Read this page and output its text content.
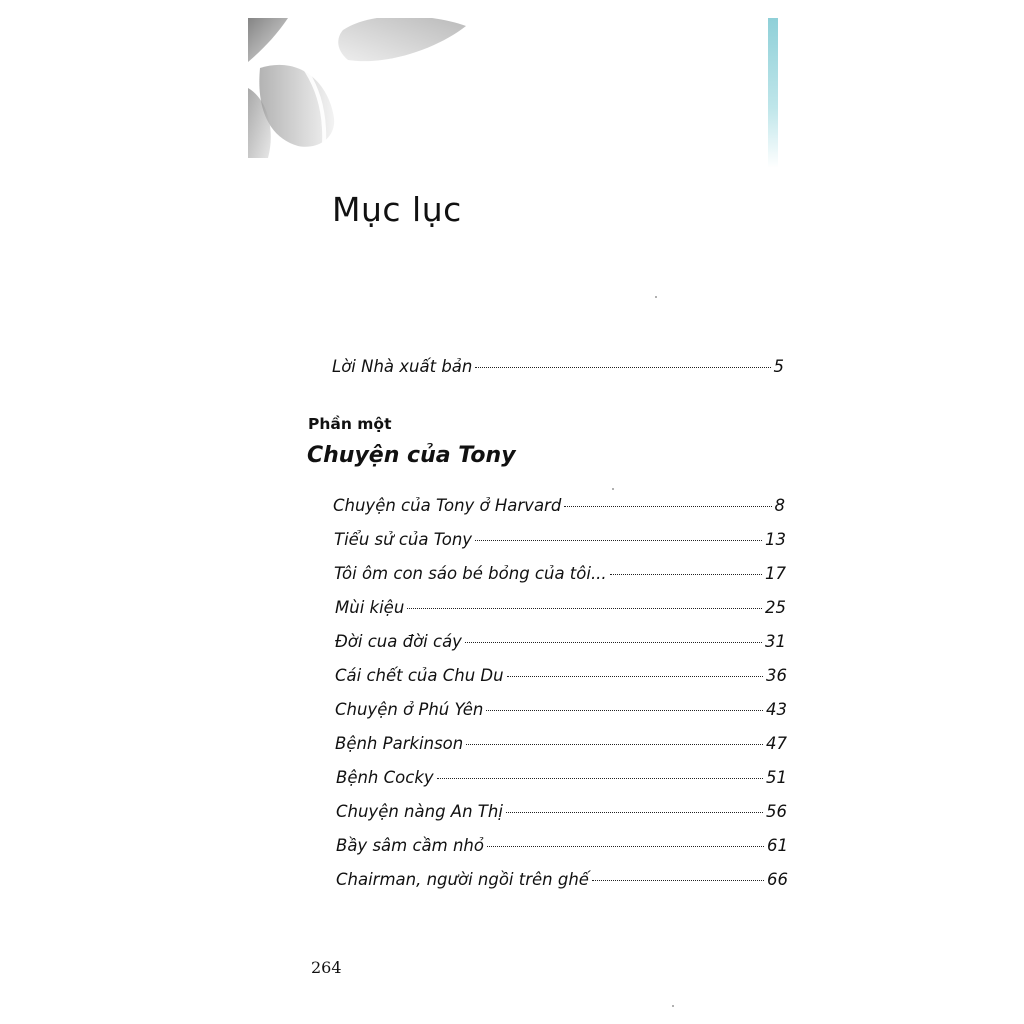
Mục lục
Lời Nhà xuất bản	5
Phần một
Chuyện của Tony
Chuyện của Tony ở Harvard	8
Tiểu sử của Tony	13
Tôi ôm con sáo bé bỏng của tôi...	17
Mùi kiệu	25
Đời cua đời cáy	31
Cái chết của Chu Du	36
Chuyện ở Phú Yên	43
Bệnh Parkinson	47
Bệnh Cocky	51
Chuyện nàng An Thị	56
Bầy sâm cầm nhỏ	61
Chairman, người ngồi trên ghế	66
264
